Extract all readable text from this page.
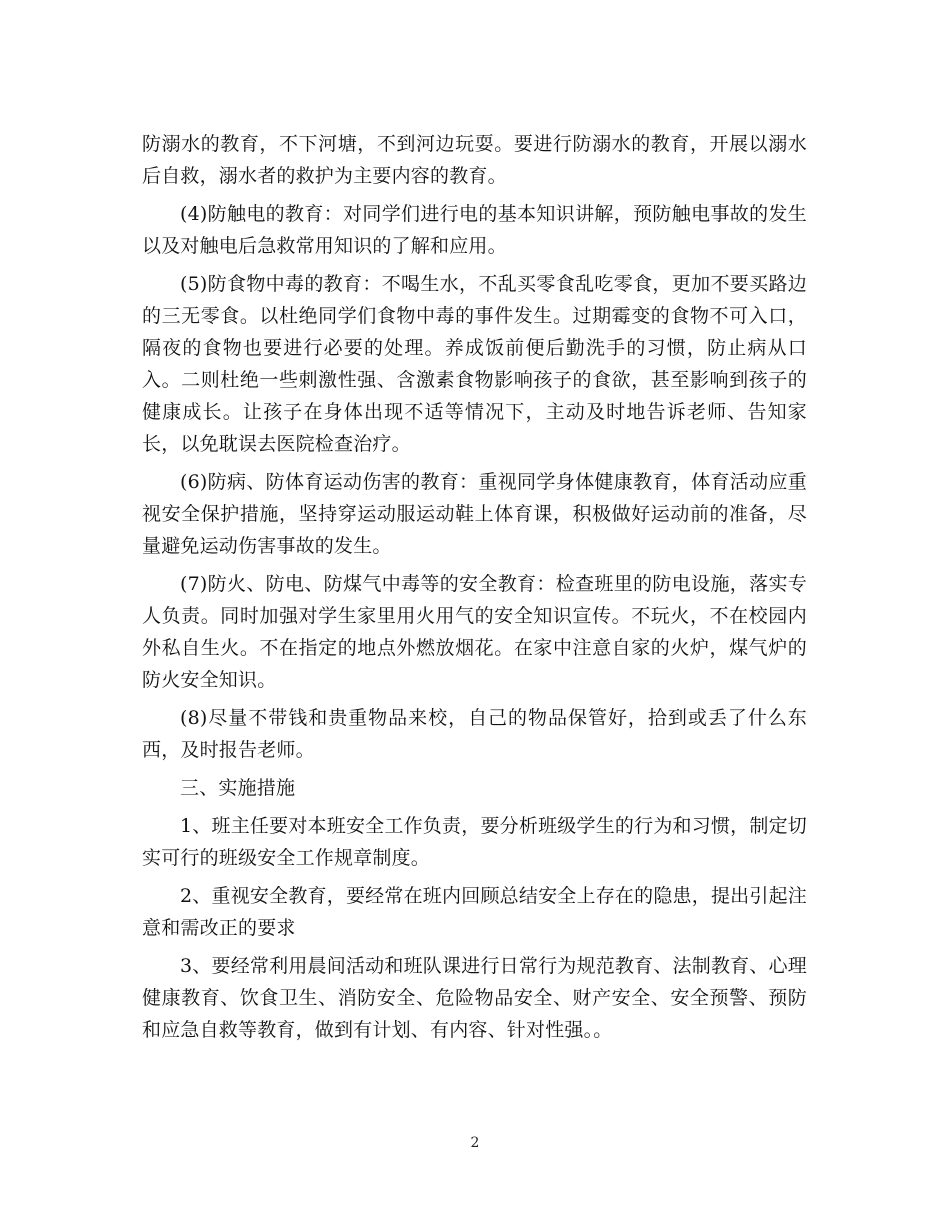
防溺水的教育，不下河塘，不到河边玩耍。要进行防溺水的教育，开展以溺水后自救，溺水者的救护为主要内容的教育。

(4)防触电的教育：对同学们进行电的基本知识讲解，预防触电事故的发生以及对触电后急救常用知识的了解和应用。

(5)防食物中毒的教育：不喝生水，不乱买零食乱吃零食，更加不要买路边的三无零食。以杜绝同学们食物中毒的事件发生。过期霉变的食物不可入口，隔夜的食物也要进行必要的处理。养成饭前便后勤洗手的习惯，防止病从口入。二则杜绝一些刺激性强、含激素食物影响孩子的食欲，甚至影响到孩子的健康成长。让孩子在身体出现不适等情况下，主动及时地告诉老师、告知家长，以免耽误去医院检查治疗。

(6)防病、防体育运动伤害的教育：重视同学身体健康教育，体育活动应重视安全保护措施，坚持穿运动服运动鞋上体育课，积极做好运动前的准备，尽量避免运动伤害事故的发生。

(7)防火、防电、防煤气中毒等的安全教育：检查班里的防电设施，落实专人负责。同时加强对学生家里用火用气的安全知识宣传。不玩火，不在校园内外私自生火。不在指定的地点外燃放烟花。在家中注意自家的火炉，煤气炉的防火安全知识。

(8)尽量不带钱和贵重物品来校，自己的物品保管好，拾到或丢了什么东西，及时报告老师。

三、实施措施

1、班主任要对本班安全工作负责，要分析班级学生的行为和习惯，制定切实可行的班级安全工作规章制度。

2、重视安全教育，要经常在班内回顾总结安全上存在的隐患，提出引起注意和需改正的要求

3、要经常利用晨间活动和班队课进行日常行为规范教育、法制教育、心理健康教育、饮食卫生、消防安全、危险物品安全、财产安全、安全预警、预防和应急自救等教育，做到有计划、有内容、针对性强。。

2
